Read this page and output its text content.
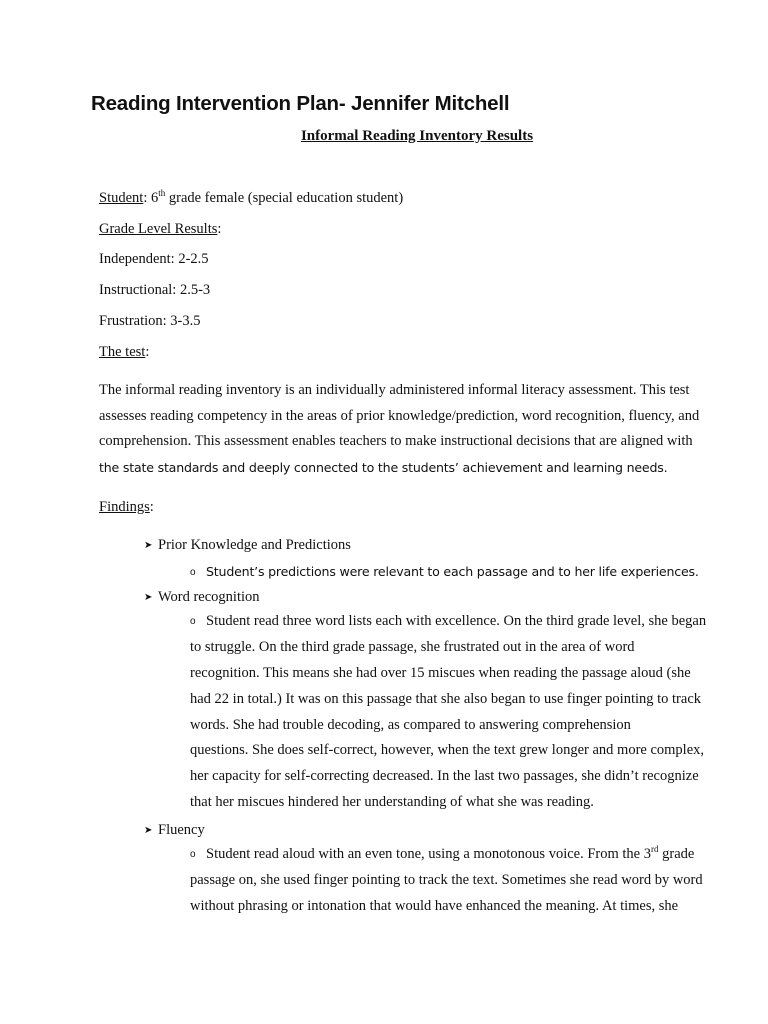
Reading Intervention Plan- Jennifer Mitchell
Informal Reading Inventory Results
Student: 6th grade female (special education student)
Grade Level Results:
Independent: 2-2.5
Instructional: 2.5-3
Frustration: 3-3.5
The test:
The informal reading inventory is an individually administered informal literacy assessment. This test
assesses reading competency in the areas of prior knowledge/prediction, word recognition, fluency, and
comprehension. This assessment enables teachers to make instructional decisions that are aligned with
the state standards and deeply connected to the students’ achievement and learning needs.
Findings:
➤ Prior Knowledge and Predictions
o Student’s predictions were relevant to each passage and to her life experiences.
➤ Word recognition
o Student read three word lists each with excellence. On the third grade level, she began
to struggle. On the third grade passage, she frustrated out in the area of word
recognition. This means she had over 15 miscues when reading the passage aloud (she
had 22 in total.) It was on this passage that she also began to use finger pointing to track
words. She had trouble decoding, as compared to answering comprehension
questions. She does self-correct, however, when the text grew longer and more complex,
her capacity for self-correcting decreased. In the last two passages, she didn’t recognize
that her miscues hindered her understanding of what she was reading.
➤ Fluency
o Student read aloud with an even tone, using a monotonous voice. From the 3rd grade
passage on, she used finger pointing to track the text. Sometimes she read word by word
without phrasing or intonation that would have enhanced the meaning. At times, she
